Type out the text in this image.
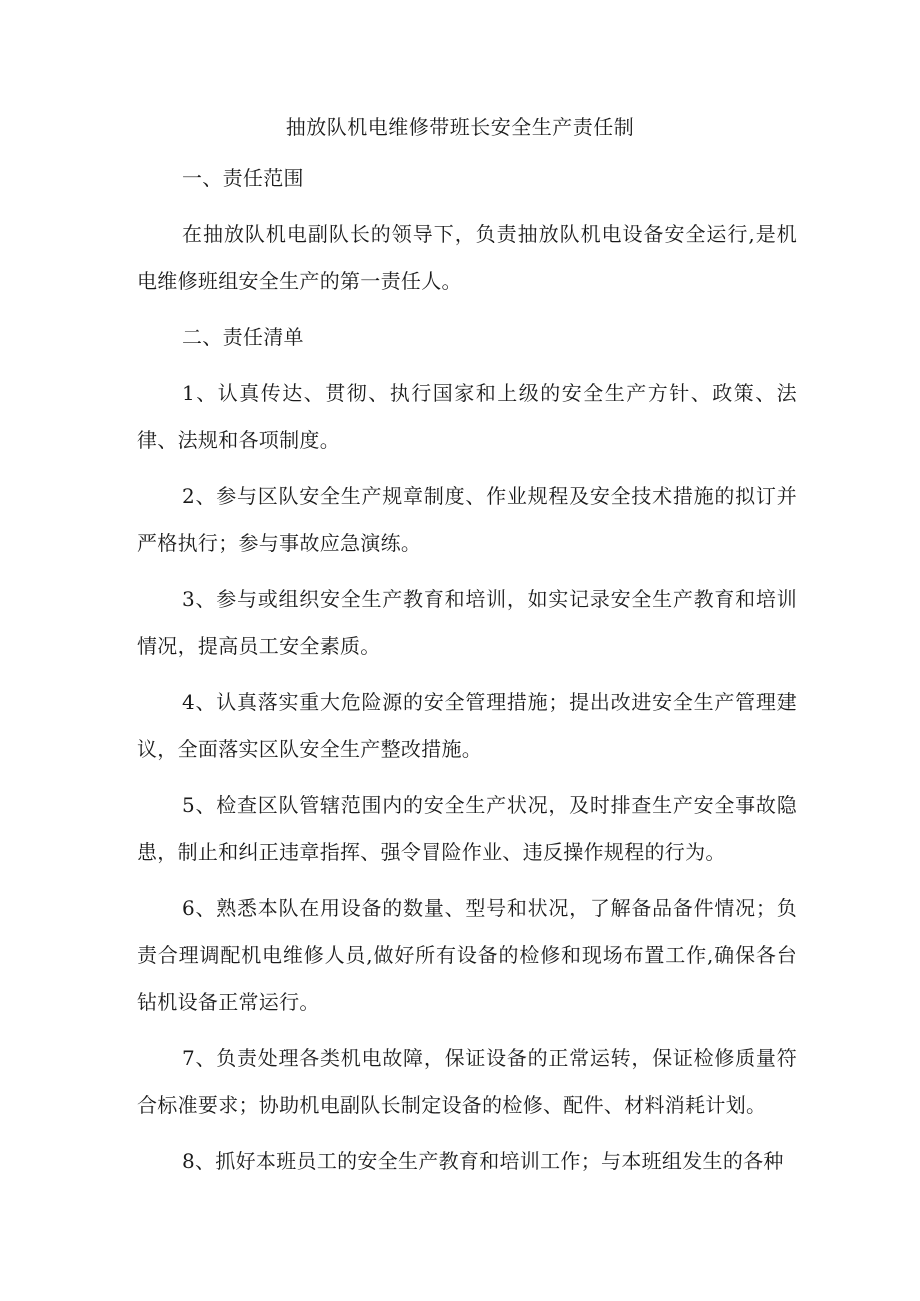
抽放队机电维修带班长安全生产责任制

一、责任范围

在抽放队机电副队长的领导下，负责抽放队机电设备安全运行,是机电维修班组安全生产的第一责任人。

二、责任清单

1、认真传达、贯彻、执行国家和上级的安全生产方针、政策、法律、法规和各项制度。

2、参与区队安全生产规章制度、作业规程及安全技术措施的拟订并严格执行；参与事故应急演练。

3、参与或组织安全生产教育和培训，如实记录安全生产教育和培训情况，提高员工安全素质。

4、认真落实重大危险源的安全管理措施；提出改进安全生产管理建议，全面落实区队安全生产整改措施。

5、检查区队管辖范围内的安全生产状况，及时排查生产安全事故隐患，制止和纠正违章指挥、强令冒险作业、违反操作规程的行为。

6、熟悉本队在用设备的数量、型号和状况，了解备品备件情况；负责合理调配机电维修人员,做好所有设备的检修和现场布置工作,确保各台钻机设备正常运行。

7、负责处理各类机电故障，保证设备的正常运转，保证检修质量符合标准要求；协助机电副队长制定设备的检修、配件、材料消耗计划。

8、抓好本班员工的安全生产教育和培训工作；与本班组发生的各种
